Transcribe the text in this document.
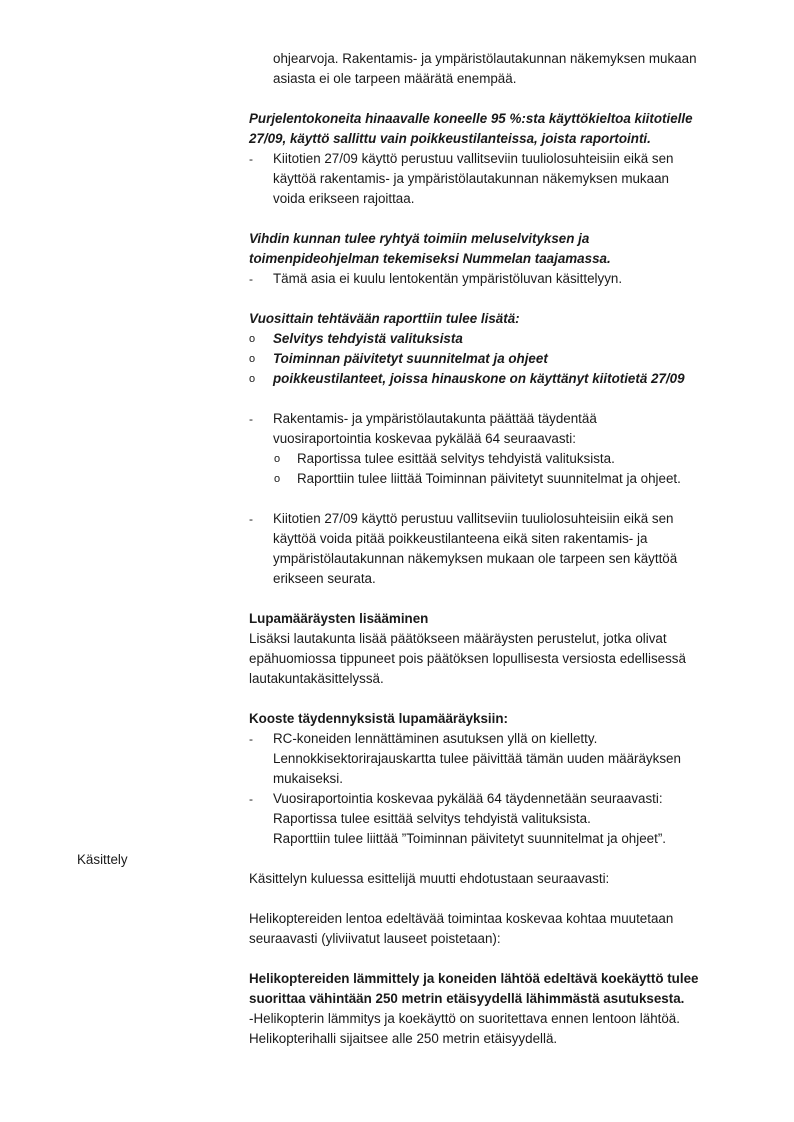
ohjearvoja. Rakentamis- ja ympäristölautakunnan näkemyksen mukaan

asiasta ei ole tarpeen määrätä enempää.

Purjelentokoneita hinaavalle koneelle 95 %:sta käyttökieltoa kiitotielle

27/09, käyttö sallittu vain poikkeustilanteissa, joista raportointi.

-	Kiitotien 27/09 käyttö perustuu vallitseviin tuuliolosuhteisiin eikä sen

käyttöä rakentamis- ja ympäristölautakunnan näkemyksen mukaan

voida erikseen rajoittaa.

Vihdin kunnan tulee ryhtyä toimiin meluselvityksen ja

toimenpideohjelman tekemiseksi Nummelan taajamassa.

-	Tämä asia ei kuulu lentokentän ympäristöluvan käsittelyyn.

Vuosittain tehtävään raporttiin tulee lisätä:

o	Selvitys tehdyistä valituksista

o	Toiminnan päivitetyt suunnitelmat ja ohjeet

o	poikkeustilanteet, joissa hinauskone on käyttänyt kiitotietä 27/09

-	Rakentamis- ja ympäristölautakunta päättää täydentää

vuosiraportointia koskevaa pykälää 64 seuraavasti:

o	Raportissa tulee esittää selvitys tehdyistä valituksista.

o	Raporttiin tulee liittää Toiminnan päivitetyt suunnitelmat ja ohjeet.

-	Kiitotien 27/09 käyttö perustuu vallitseviin tuuliolosuhteisiin eikä sen

käyttöä voida pitää poikkeustilanteena eikä siten rakentamis- ja

ympäristölautakunnan näkemyksen mukaan ole tarpeen sen käyttöä

erikseen seurata.

Lupamääräysten lisääminen

Lisäksi lautakunta lisää päätökseen määräysten perustelut, jotka olivat

epähuomiossa tippuneet pois päätöksen lopullisesta versiosta edellisessä

lautakuntakäsittelyssä.

Kooste täydennyksistä lupamääräyksiin:

-	RC-koneiden lennättäminen asutuksen yllä on kielletty.

Lennokkisektorirajauskartta tulee päivittää tämän uuden määräyksen

mukaiseksi.

-	Vuosiraportointia koskevaa pykälää 64 täydennetään seuraavasti:

Raportissa tulee esittää selvitys tehdyistä valituksista.

Raporttiin tulee liittää ”Toiminnan päivitetyt suunnitelmat ja ohjeet”.

Käsittelyn kuluessa esittelijä muutti ehdotustaan seuraavasti:

Helikoptereiden lentoa edeltävää toimintaa koskevaa kohtaa muutetaan

seuraavasti (yliviivatut lauseet poistetaan):

Helikoptereiden lämmittely ja koneiden lähtöä edeltävä koekäyttö tulee

suorittaa vähintään 250 metrin etäisyydellä lähimmästä asutuksesta.

-Helikopterin lämmitys ja koekäyttö on suoritettava ennen lentoon lähtöä.

Helikopterihalli sijaitsee alle 250 metrin etäisyydellä.

Käsittely
